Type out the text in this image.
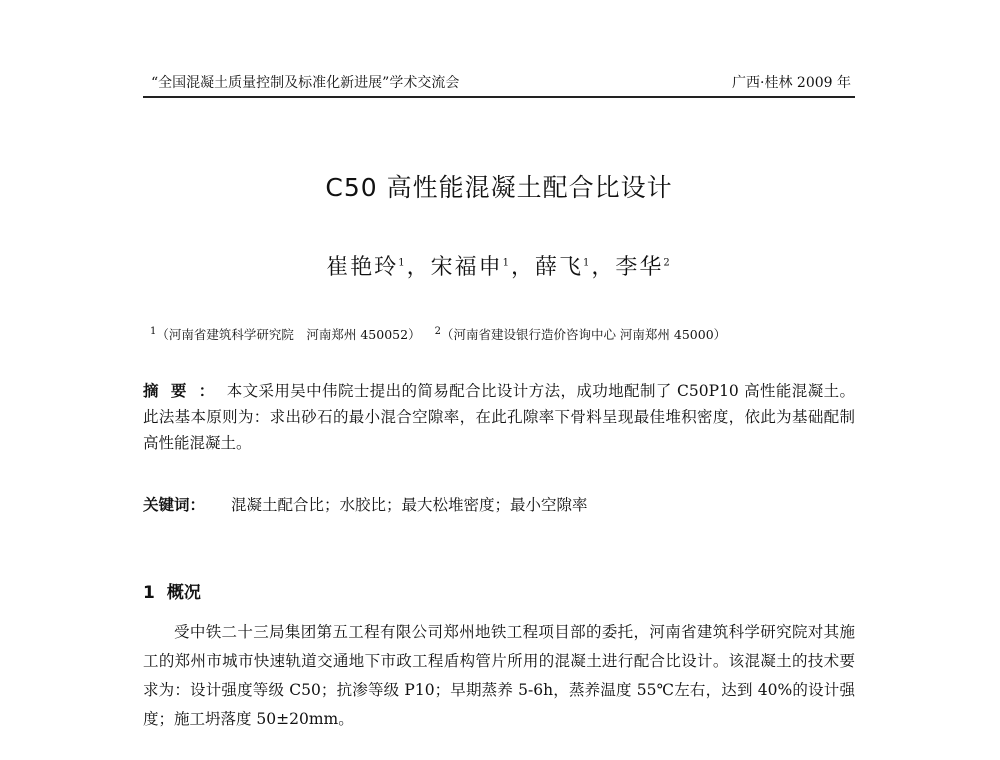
“全国混凝土质量控制及标准化新进展”学术交流会	广西·桂林 2009 年
C50 高性能混凝土配合比设计
崔艳玲$^1$，宋福申$^1$，薛飞$^1$，李华$^2$
$^1$（河南省建筑科学研究院　河南郑州 450052） $^2$（河南省建设银行造价咨询中心 河南郑州 45000）
摘要：本文采用吴中伟院士提出的简易配合比设计方法，成功地配制了 C50P10 高性能混凝土。此法基本原则为：求出砂石的最小混合空隙率，在此孔隙率下骨料呈现最佳堆积密度，依此为基础配制高性能混凝土。
关键词： 混凝土配合比；水胶比；最大松堆密度；最小空隙率
1 概况
受中铁二十三局集团第五工程有限公司郑州地铁工程项目部的委托，河南省建筑科学研究院对其施工的郑州市城市快速轨道交通地下市政工程盾构管片所用的混凝土进行配合比设计。该混凝土的技术要求为：设计强度等级 C50；抗渗等级 P10；早期蒸养 5-6h，蒸养温度 55℃左右，达到 40%的设计强度；施工坍落度 50±20mm。
